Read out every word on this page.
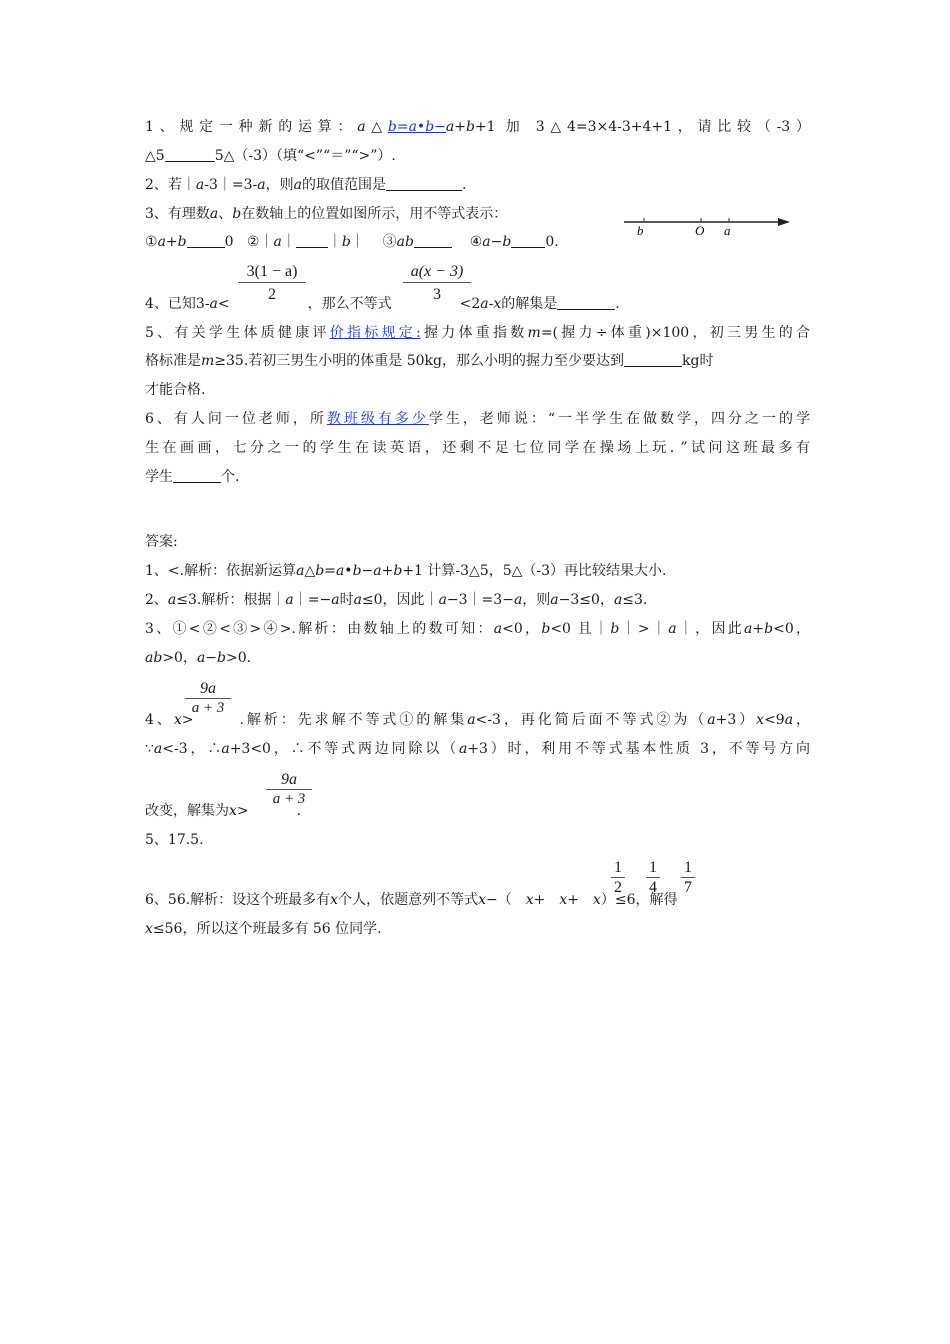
1、规定一种新的运算：a△b=a•b−a+b+1 加 3△4=3×4-3+4+1，请比较（-3）
△5	5△（-3）（填“<”“＝”“>”）.
2、若｜a-3｜=3-a，则a的取值范围是	.
3、有理数a、b在数轴上的位置如图所示，用不等式表示：
①a+b	0 ②｜a｜ ｜b｜ ③ab	④a−b 0.
b	O a
3(1 − a)
2
a(x − 3)
3
4、已知3-a<	，那么不等式	<2a-x的解集是	.
5、有关学生体质健康评价指标规定:握力体重指数m=(握力÷体重)×100，初三男生的合
格标准是m≥35.若初三男生小明的体重是 50kg，那么小明的握力至少要达到	kg时
才能合格.
6、有人问一位老师，所教班级有多少学生，老师说：“一半学生在做数学，四分之一的学
生在画画，七分之一的学生在读英语，还剩不足七位同学在操场上玩．”试问这班最多有
学生	个.
答案:
1、<.解析：依据新运算a△b=a•b−a+b+1 计算-3△5，5△（-3）再比较结果大小.
2、a≤3.解析：根据｜a｜=−a时a≤0，因此｜a−3｜=3−a，则a−3≤0，a≤3.
3、①<②<③>④>.解析：由数轴上的数可知：a<0，b<0 且｜b｜>｜a｜，因此a+b<0，
ab>0，a−b>0.
9a
a + 3
4、x>	.解析：先求解不等式①的解集a<-3，再化简后面不等式②为（a+3）x<9a，
∵a<-3，∴a+3<0，∴不等式两边同除以（a+3）时，利用不等式基本性质 3，不等号方向
9a
a + 3
改变，解集为x>	.
5、17.5.
1
2
1
4
1
7
6、56.解析：设这个班最多有x个人，依题意列不等式x−（ x+ x+ x）≤6，解得
x≤56，所以这个班最多有 56 位同学.
